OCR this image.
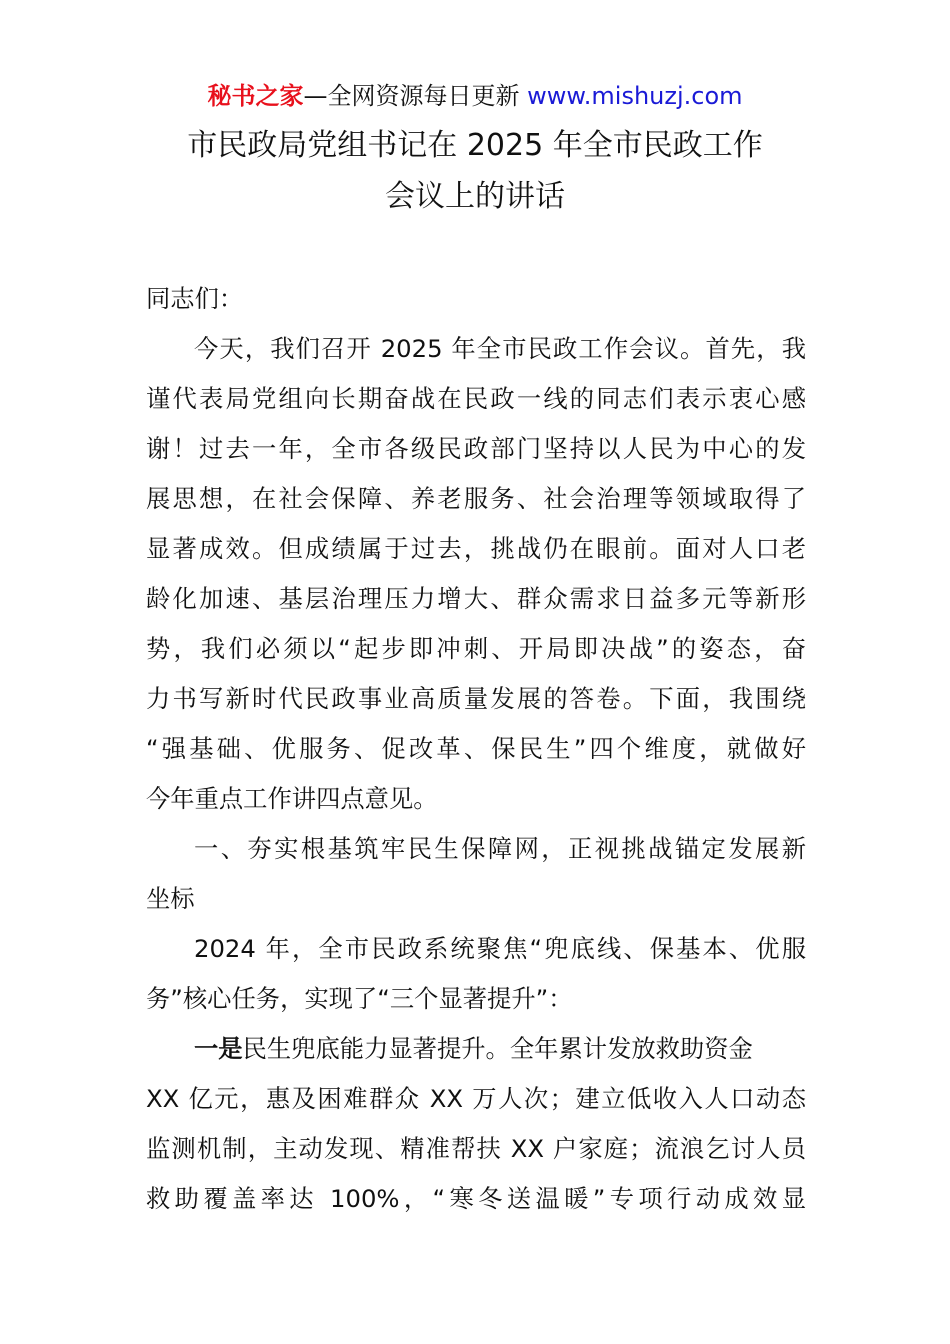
秘书之家—全网资源每日更新 www.mishuzj.com
市民政局党组书记在 2025 年全市民政工作
会议上的讲话
同志们：
今天，我们召开 2025 年全市民政工作会议。首先，我
谨代表局党组向长期奋战在民政一线的同志们表示衷心感
谢！过去一年，全市各级民政部门坚持以人民为中心的发
展思想，在社会保障、养老服务、社会治理等领域取得了
显著成效。但成绩属于过去，挑战仍在眼前。面对人口老
龄化加速、基层治理压力增大、群众需求日益多元等新形
势，我们必须以“起步即冲刺、开局即决战”的姿态，奋
力书写新时代民政事业高质量发展的答卷。下面，我围绕
“强基础、优服务、促改革、保民生”四个维度，就做好
今年重点工作讲四点意见。
一、夯实根基筑牢民生保障网，正视挑战锚定发展新
坐标
2024 年，全市民政系统聚焦“兜底线、保基本、优服
务”核心任务，实现了“三个显著提升”：
一是民生兜底能力显著提升。全年累计发放救助资金
XX 亿元，惠及困难群众 XX 万人次；建立低收入人口动态
监测机制，主动发现、精准帮扶 XX 户家庭；流浪乞讨人员
救助覆盖率达 100%，“寒冬送温暖”专项行动成效显
